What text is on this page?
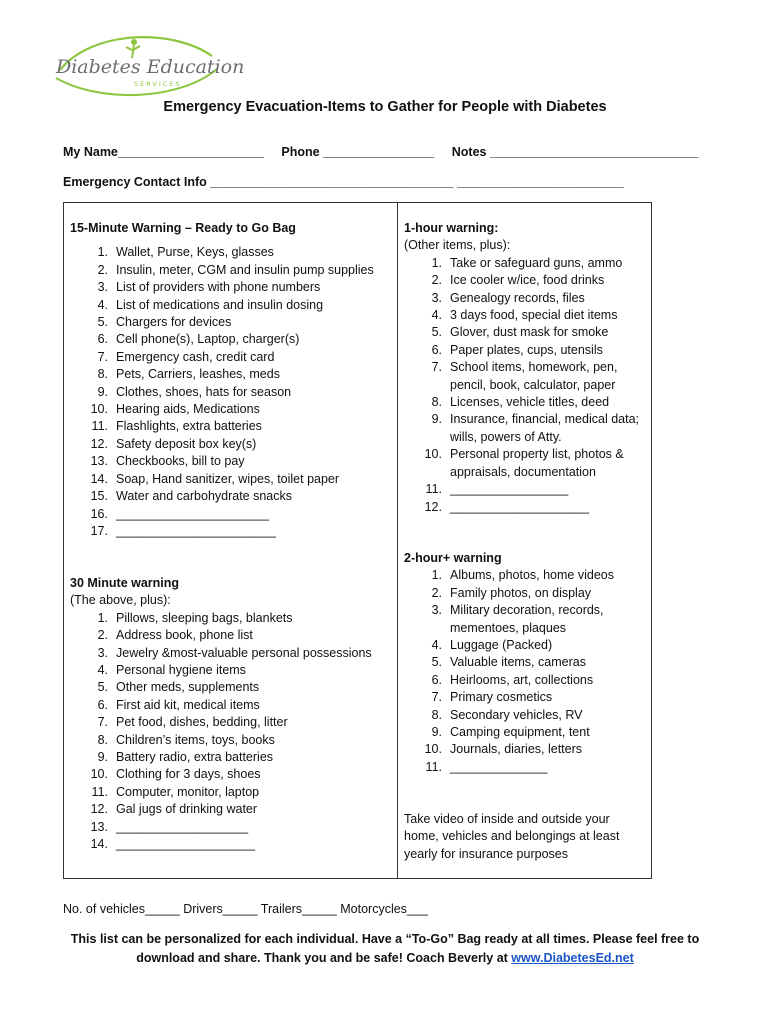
Diabetes Education
SERVICES
Emergency Evacuation-Items to Gather for People with Diabetes
My Name_____________________ Phone ________________ Notes ______________________________
Emergency Contact Info ___________________________________ ________________________
15-Minute Warning – Ready to Go Bag
1. Wallet, Purse, Keys, glasses
2. Insulin, meter, CGM and insulin pump supplies
3. List of providers with phone numbers
4. List of medications and insulin dosing
5. Chargers for devices
6. Cell phone(s), Laptop, charger(s)
7. Emergency cash, credit card
8. Pets, Carriers, leashes, meds
9. Clothes, shoes, hats for season
10. Hearing aids, Medications
11. Flashlights, extra batteries
12. Safety deposit box key(s)
13. Checkbooks, bill to pay
14. Soap, Hand sanitizer, wipes, toilet paper
15. Water and carbohydrate snacks
16. ______________________
17. _______________________
30 Minute warning
(The above, plus):
1. Pillows, sleeping bags, blankets
2. Address book, phone list
3. Jewelry &most-valuable personal possessions
4. Personal hygiene items
5. Other meds, supplements
6. First aid kit, medical items
7. Pet food, dishes, bedding, litter
8. Children’s items, toys, books
9. Battery radio, extra batteries
10. Clothing for 3 days, shoes
11. Computer, monitor, laptop
12. Gal jugs of drinking water
13. ___________________
14. ____________________
1-hour warning:
(Other items, plus):
1. Take or safeguard guns, ammo
2. Ice cooler w/ice, food drinks
3. Genealogy records, files
4. 3 days food, special diet items
5. Glover, dust mask for smoke
6. Paper plates, cups, utensils
7. School items, homework, pen, pencil, book, calculator, paper
8. Licenses, vehicle titles, deed
9. Insurance, financial, medical data; wills, powers of Atty.
10. Personal property list, photos & appraisals, documentation
11. _________________
12. ____________________
2-hour+ warning
1. Albums, photos, home videos
2. Family photos, on display
3. Military decoration, records, mementoes, plaques
4. Luggage (Packed)
5. Valuable items, cameras
6. Heirlooms, art, collections
7. Primary cosmetics
8. Secondary vehicles, RV
9. Camping equipment, tent
10. Journals, diaries, letters
11. ______________
Take video of inside and outside your home, vehicles and belongings at least yearly for insurance purposes
No. of vehicles_____ Drivers_____ Trailers_____ Motorcycles___
This list can be personalized for each individual. Have a “To-Go” Bag ready at all times. Please feel free to
download and share. Thank you and be safe! Coach Beverly at www.DiabetesEd.net
